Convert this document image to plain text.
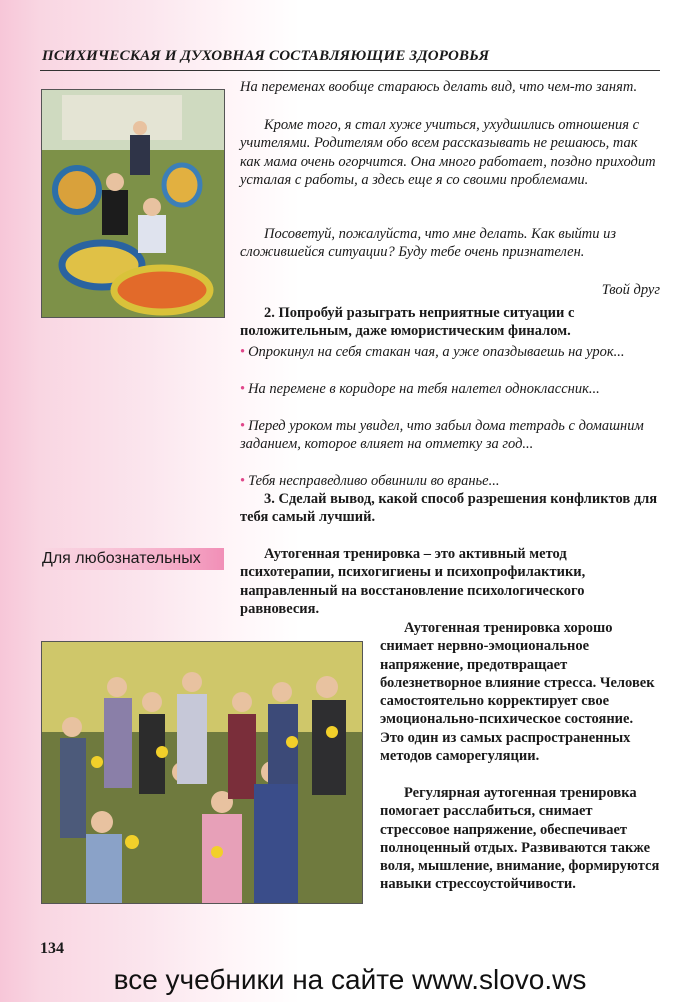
ПСИХИЧЕСКАЯ И ДУХОВНАЯ СОСТАВЛЯЮЩИЕ ЗДОРОВЬЯ
На переменах вообще стараюсь делать вид, что чем-то занят.
Кроме того, я стал хуже учиться, ухудшились отношения с учителями. Родителям обо всем рассказывать не решаюсь, так как мама очень огорчится. Она много работает, поздно приходит усталая с работы, а здесь еще я со своими проблемами.
Посоветуй, пожалуйста, что мне делать. Как выйти из сложившейся ситуации? Буду тебе очень признателен.
Твой друг
2. Попробуй разыграть неприятные ситуации с положительным, даже юмористическим финалом.
• Опрокинул на себя стакан чая, а уже опаздываешь на урок...
• На перемене в коридоре на тебя налетел одноклассник...
• Перед уроком ты увидел, что забыл дома тетрадь с домашним заданием, которое влияет на отметку за год...
• Тебя несправедливо обвинили во вранье...
3. Сделай вывод, какой способ разрешения конфликтов для тебя самый лучший.
Для любознательных	Аутогенная тренировка – это активный метод психотерапии, психогигиены и психопрофилактики, направленный на восстановление психологического равновесия.
Аутогенная тренировка хорошо снимает нервно-эмоциональное напряжение, предотвращает болезнетворное влияние стресса. Человек самостоятельно корректирует свое эмоционально-психическое состояние. Это один из самых распространенных методов саморегуляции.
Регулярная аутогенная тренировка помогает расслабиться, снимает стрессовое напряжение, обеспечивает полноценный отдых. Развиваются также воля, мышление, внимание, формируются навыки стрессоустойчивости.
134
все учебники на сайте www.slovo.ws
